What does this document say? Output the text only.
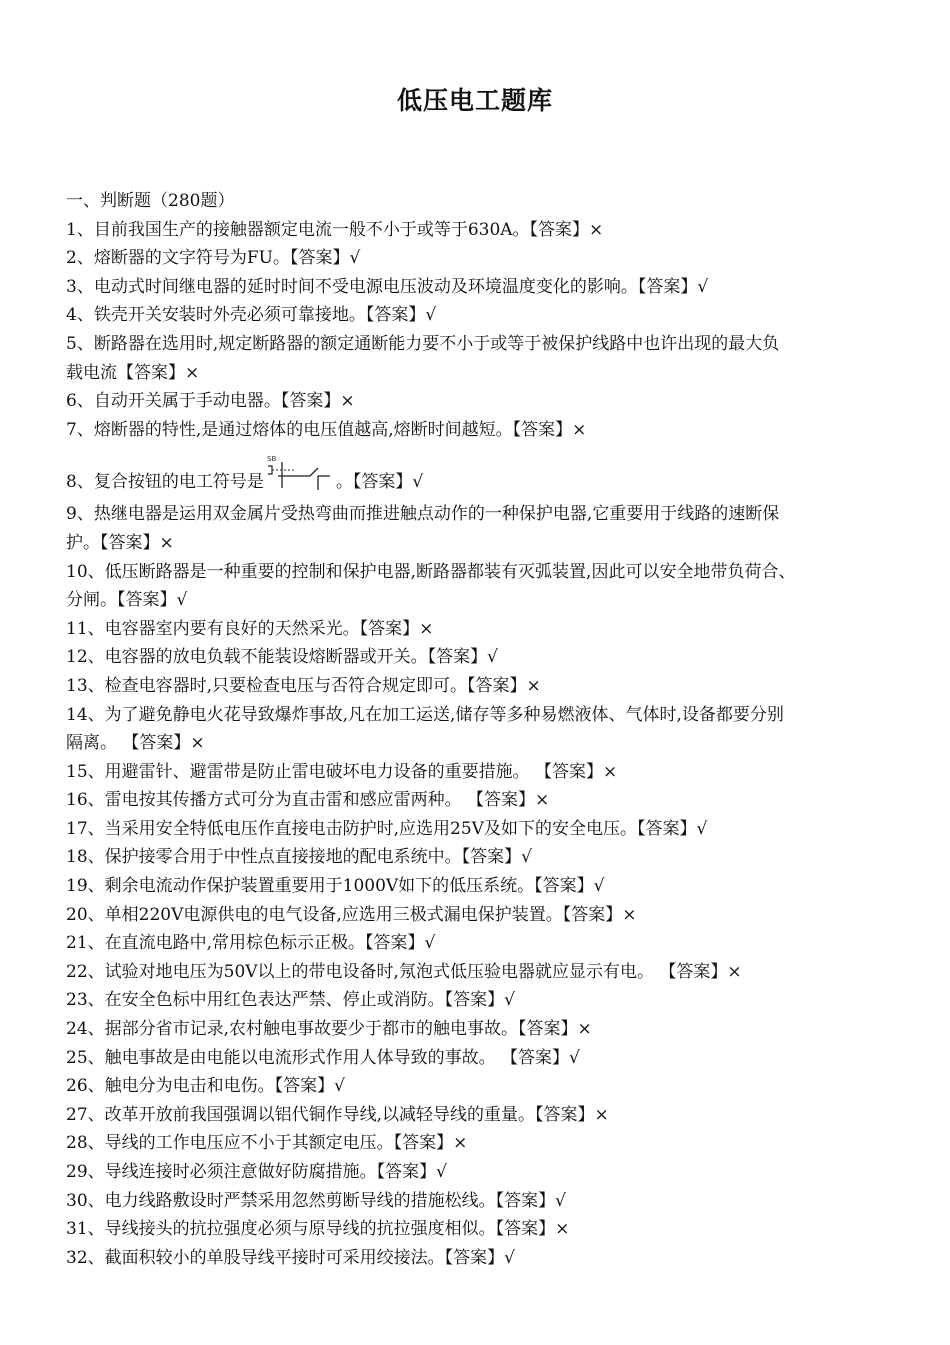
低压电工题库
一、判断题（280题）
1、目前我国生产的接触器额定电流一般不小于或等于630A。【答案】×
2、熔断器的文字符号为FU。【答案】√
3、电动式时间继电器的延时时间不受电源电压波动及环境温度变化的影响。【答案】√
4、铁壳开关安装时外壳必须可靠接地。【答案】√
5、断路器在选用时,规定断路器的额定通断能力要不小于或等于被保护线路中也许出现的最大负
载电流【答案】×
6、自动开关属于手动电器。【答案】×
7、熔断器的特性,是通过熔体的电压值越高,熔断时间越短。【答案】×
8、复合按钮的电工符号是
SB
。【答案】√
9、热继电器是运用双金属片受热弯曲而推进触点动作的一种保护电器,它重要用于线路的速断保
护。【答案】×
10、低压断路器是一种重要的控制和保护电器,断路器都装有灭弧装置,因此可以安全地带负荷合、
分闸。【答案】√
11、电容器室内要有良好的天然采光。【答案】×
12、电容器的放电负载不能装设熔断器或开关。【答案】√
13、检查电容器时,只要检查电压与否符合规定即可。【答案】×
14、为了避免静电火花导致爆炸事故,凡在加工运送,储存等多种易燃液体、气体时,设备都要分别
隔离。 【答案】×
15、用避雷针、避雷带是防止雷电破坏电力设备的重要措施。 【答案】×
16、雷电按其传播方式可分为直击雷和感应雷两种。 【答案】×
17、当采用安全特低电压作直接电击防护时,应选用25V及如下的安全电压。【答案】√
18、保护接零合用于中性点直接接地的配电系统中。【答案】√
19、剩余电流动作保护装置重要用于1000V如下的低压系统。【答案】√
20、单相220V电源供电的电气设备,应选用三极式漏电保护装置。【答案】×
21、在直流电路中,常用棕色标示正极。【答案】√
22、试验对地电压为50V以上的带电设备时,氖泡式低压验电器就应显示有电。 【答案】×
23、在安全色标中用红色表达严禁、停止或消防。【答案】√
24、据部分省市记录,农村触电事故要少于都市的触电事故。【答案】×
25、触电事故是由电能以电流形式作用人体导致的事故。 【答案】√
26、触电分为电击和电伤。【答案】√
27、改革开放前我国强调以铝代铜作导线,以减轻导线的重量。【答案】×
28、导线的工作电压应不小于其额定电压。【答案】×
29、导线连接时必须注意做好防腐措施。【答案】√
30、电力线路敷设时严禁采用忽然剪断导线的措施松线。【答案】√
31、导线接头的抗拉强度必须与原导线的抗拉强度相似。【答案】×
32、截面积较小的单股导线平接时可采用绞接法。【答案】√
